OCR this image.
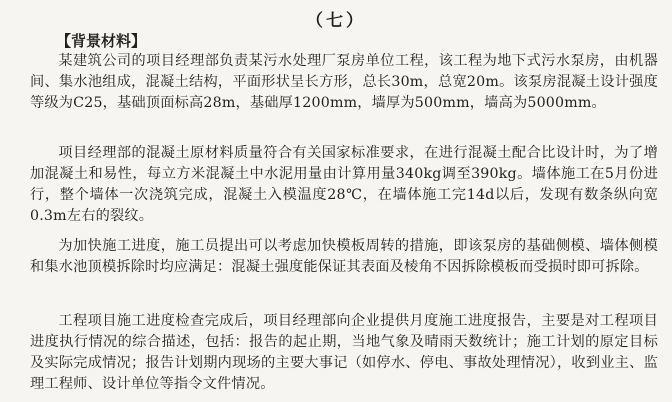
（七）
【背景材料】

某建筑公司的项目经理部负责某污水处理厂泵房单位工程，该工程为地下式污水泵房，由机器间、集水池组成，混凝土结构，平面形状呈长方形，总长30m，总宽20m。该泵房混凝土设计强度等级为C25，基础顶面标高28m，基础厚1200mm，墙厚为500mm，墙高为5000mm。

项目经理部的混凝土原材料质量符合有关国家标准要求，在进行混凝土配合比设计时，为了增加混凝土和易性，每立方米混凝土中水泥用量由计算用量340kg调至390kg。墙体施工在5月份进行，整个墙体一次浇筑完成，混凝土入模温度28℃，在墙体施工完14d以后，发现有数条纵向宽0.3m左右的裂纹。

为加快施工进度，施工员提出可以考虑加快模板周转的措施，即该泵房的基础侧模、墙体侧模和集水池顶模拆除时均应满足：混凝土强度能保证其表面及棱角不因拆除模板而受损时即可拆除。

工程项目施工进度检查完成后，项目经理部向企业提供月度施工进度报告，主要是对工程项目进度执行情况的综合描述，包括：报告的起止期，当地气象及晴雨天数统计；施工计划的原定目标及实际完成情况；报告计划期内现场的主要大事记（如停水、停电、事故处理情况），收到业主、监理工程师、设计单位等指令文件情况。
